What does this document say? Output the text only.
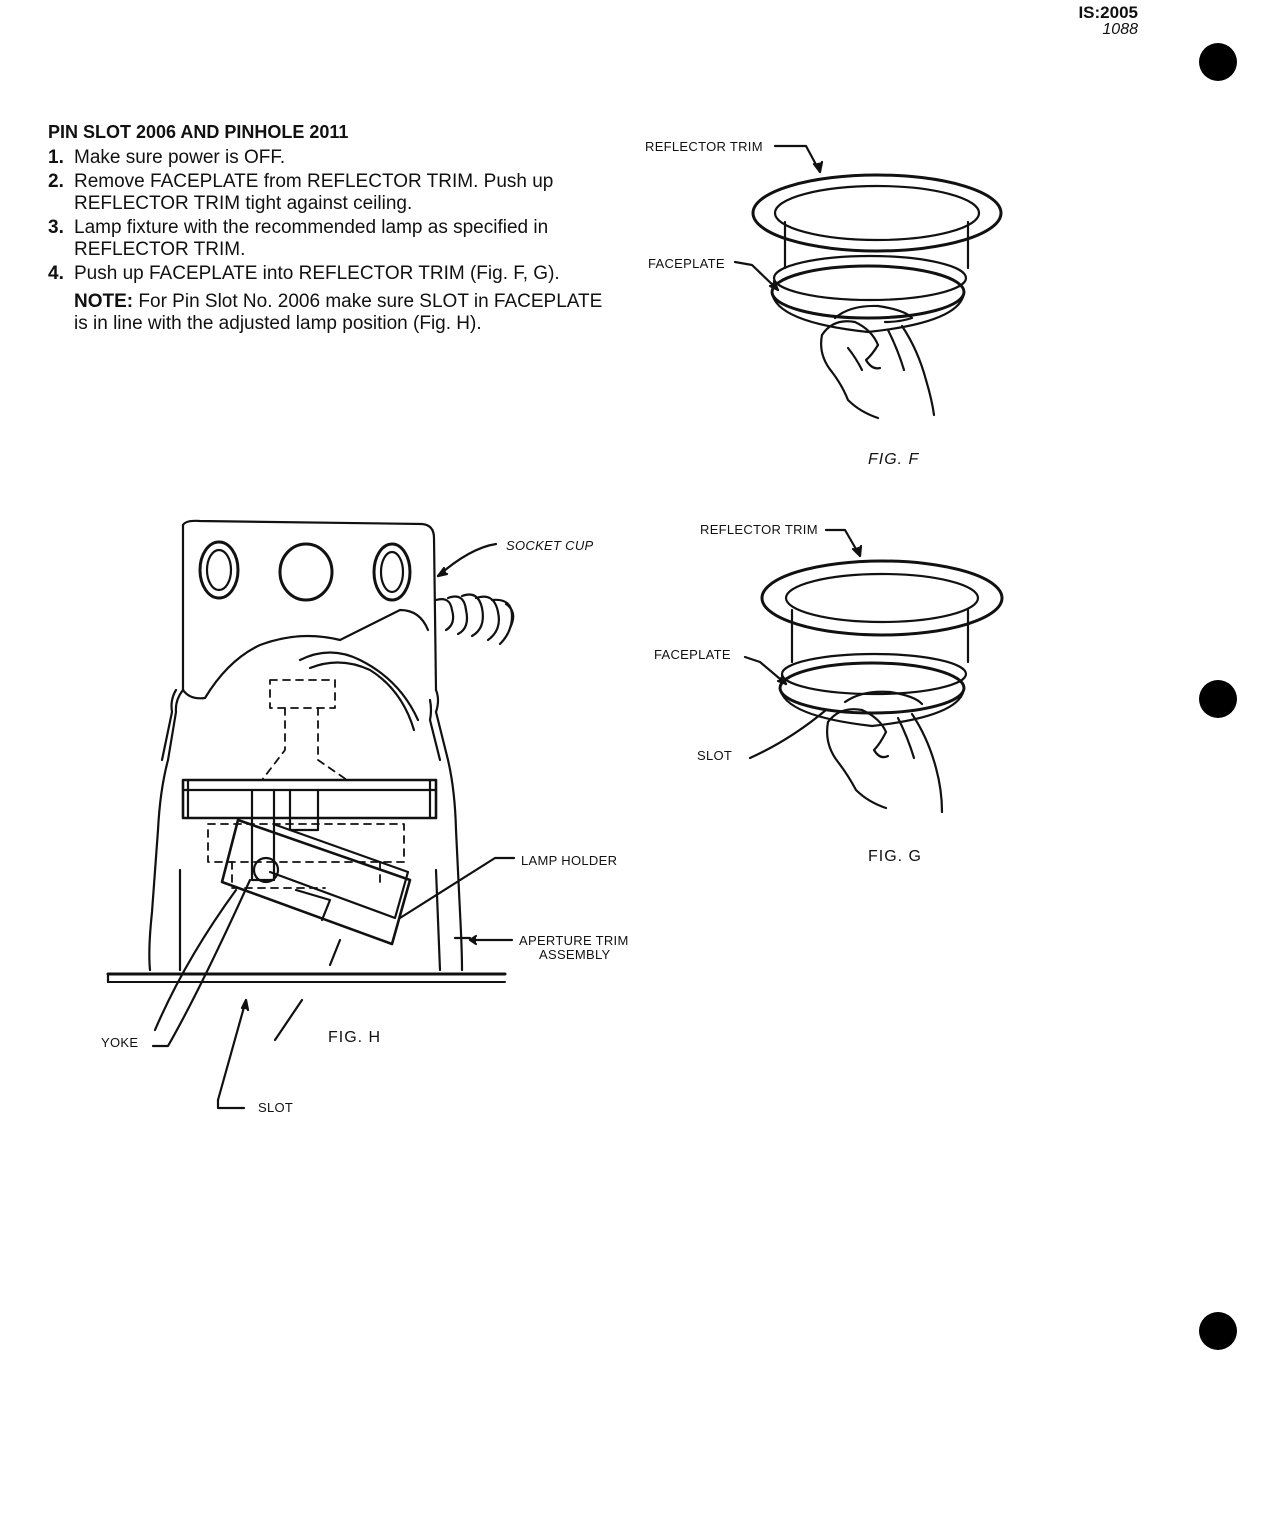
IS:2005
1088
PIN SLOT 2006 AND PINHOLE 2011
1. Make sure power is OFF.
2. Remove FACEPLATE from REFLECTOR TRIM. Push up REFLECTOR TRIM tight against ceiling.
3. Lamp fixture with the recommended lamp as specified in REFLECTOR TRIM.
4. Push up FACEPLATE into REFLECTOR TRIM (Fig. F, G).
NOTE: For Pin Slot No. 2006 make sure SLOT in FACEPLATE is in line with the adjusted lamp position (Fig. H).
REFLECTOR TRIM
FACEPLATE
FIG. F
REFLECTOR TRIM
FACEPLATE
SLOT
FIG. G
SOCKET CUP
LAMP HOLDER
APERTURE TRIM
ASSEMBLY
YOKE
SLOT
FIG. H
